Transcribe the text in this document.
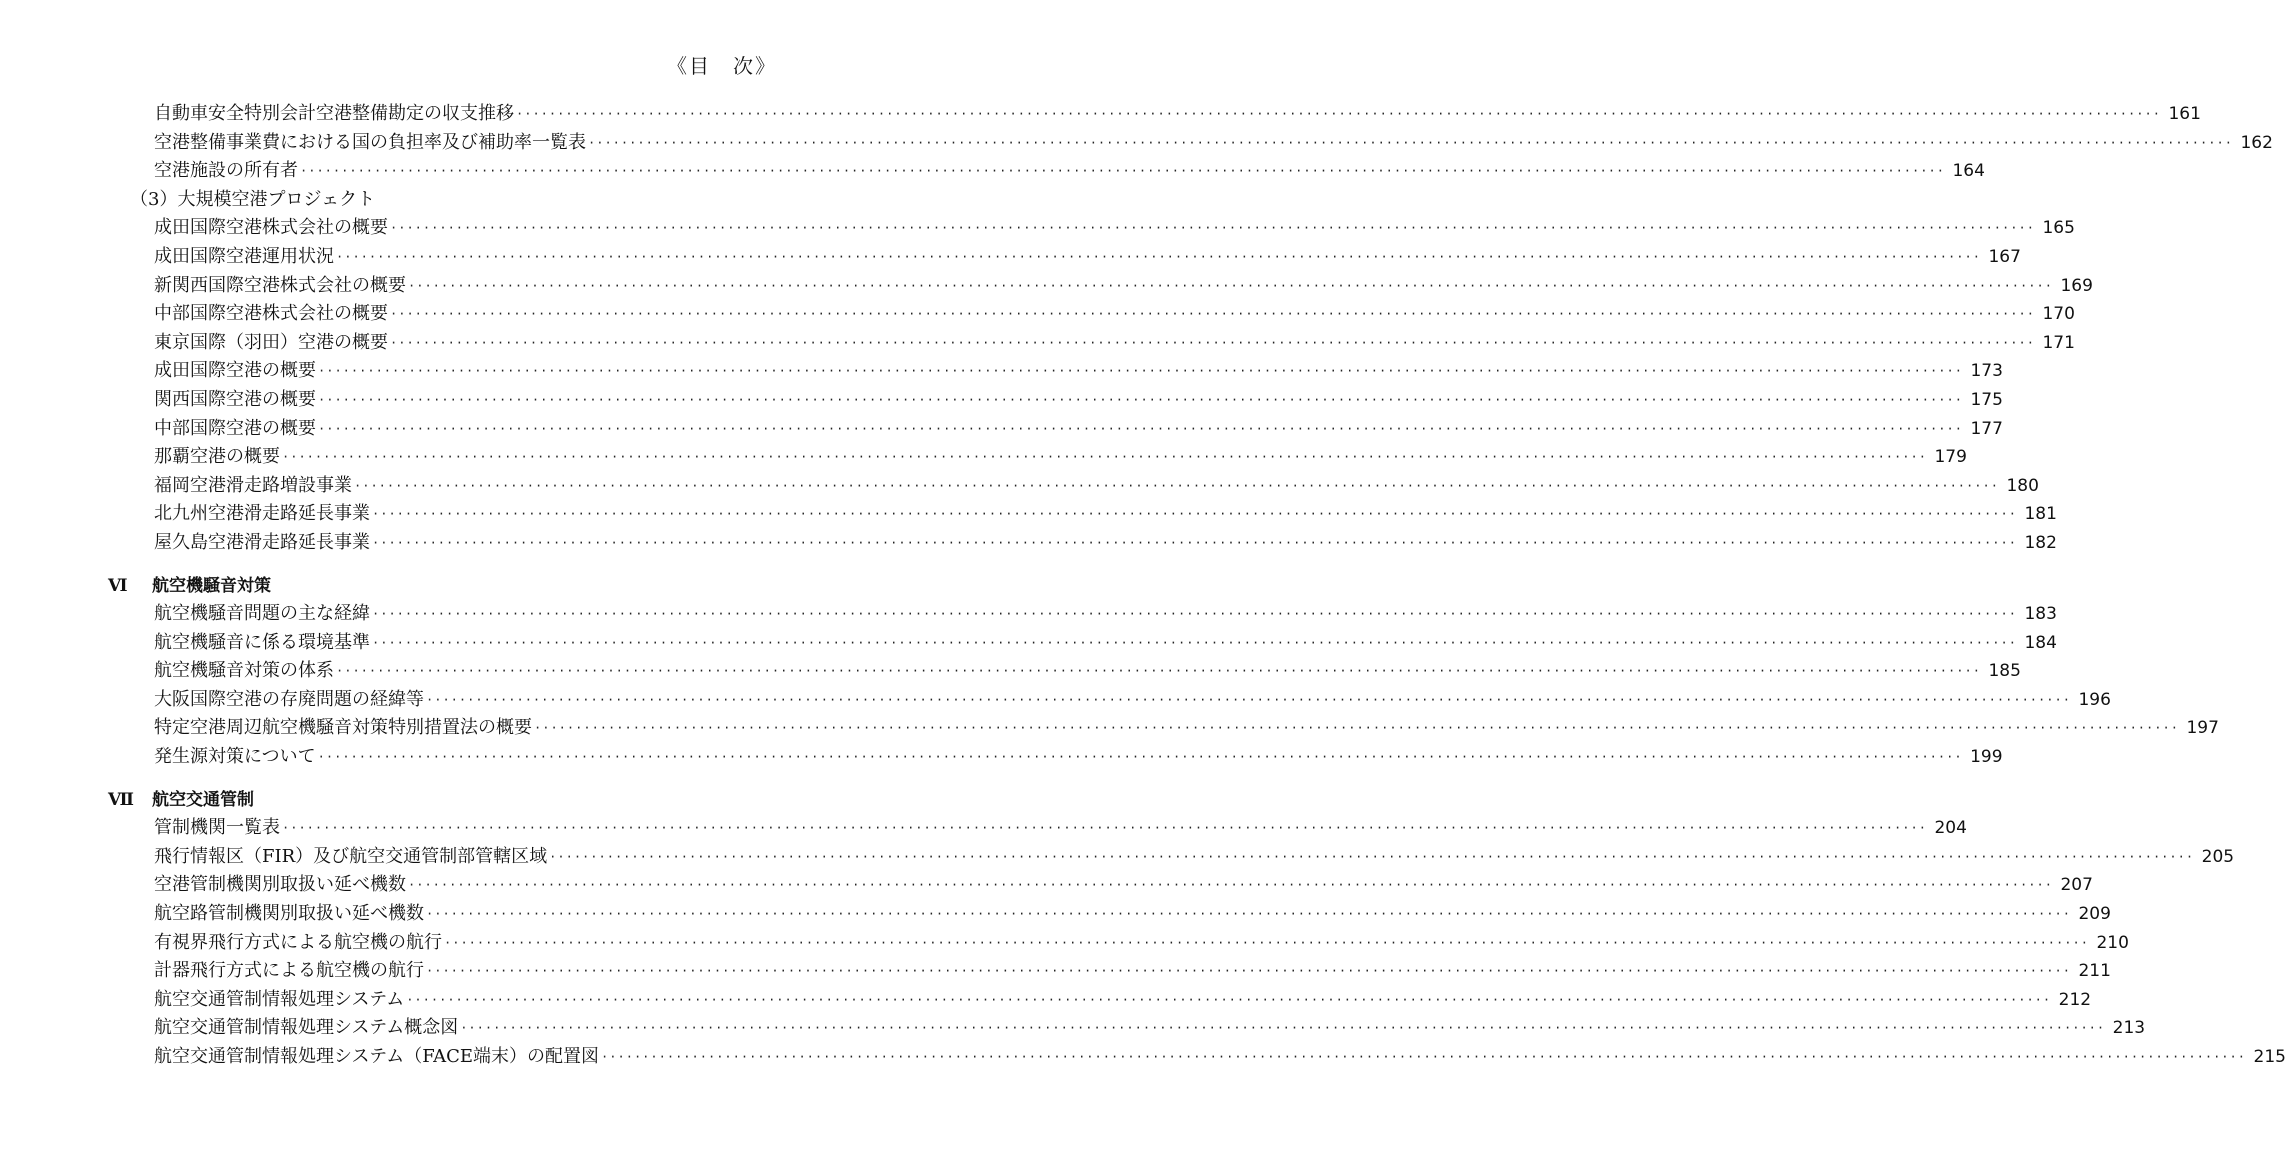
《目　次》
自動車安全特別会計空港整備勘定の収支推移 ········································································································································································································ 161
空港整備事業費における国の負担率及び補助率一覧表 ········································································································································································································ 162
空港施設の所有者 ········································································································································································································ 164
（3）大規模空港プロジェクト
成田国際空港株式会社の概要 ········································································································································································································ 165
成田国際空港運用状況 ········································································································································································································ 167
新関西国際空港株式会社の概要 ········································································································································································································ 169
中部国際空港株式会社の概要 ········································································································································································································ 170
東京国際（羽田）空港の概要 ········································································································································································································ 171
成田国際空港の概要 ········································································································································································································ 173
関西国際空港の概要 ········································································································································································································ 175
中部国際空港の概要 ········································································································································································································ 177
那覇空港の概要 ········································································································································································································ 179
福岡空港滑走路増設事業 ········································································································································································································ 180
北九州空港滑走路延長事業 ········································································································································································································ 181
屋久島空港滑走路延長事業 ········································································································································································································ 182
Ⅵ 航空機騒音対策
航空機騒音問題の主な経緯 ········································································································································································································ 183
航空機騒音に係る環境基準 ········································································································································································································ 184
航空機騒音対策の体系 ········································································································································································································ 185
大阪国際空港の存廃問題の経緯等 ········································································································································································································ 196
特定空港周辺航空機騒音対策特別措置法の概要 ········································································································································································································ 197
発生源対策について ········································································································································································································ 199
Ⅶ 航空交通管制
管制機関一覧表 ········································································································································································································ 204
飛行情報区（FIR）及び航空交通管制部管轄区域 ········································································································································································································ 205
空港管制機関別取扱い延べ機数 ········································································································································································································ 207
航空路管制機関別取扱い延べ機数 ········································································································································································································ 209
有視界飛行方式による航空機の航行 ········································································································································································································ 210
計器飛行方式による航空機の航行 ········································································································································································································ 211
航空交通管制情報処理システム ········································································································································································································ 212
航空交通管制情報処理システム概念図 ········································································································································································································ 213
航空交通管制情報処理システム（FACE端末）の配置図 ········································································································································································································ 215
